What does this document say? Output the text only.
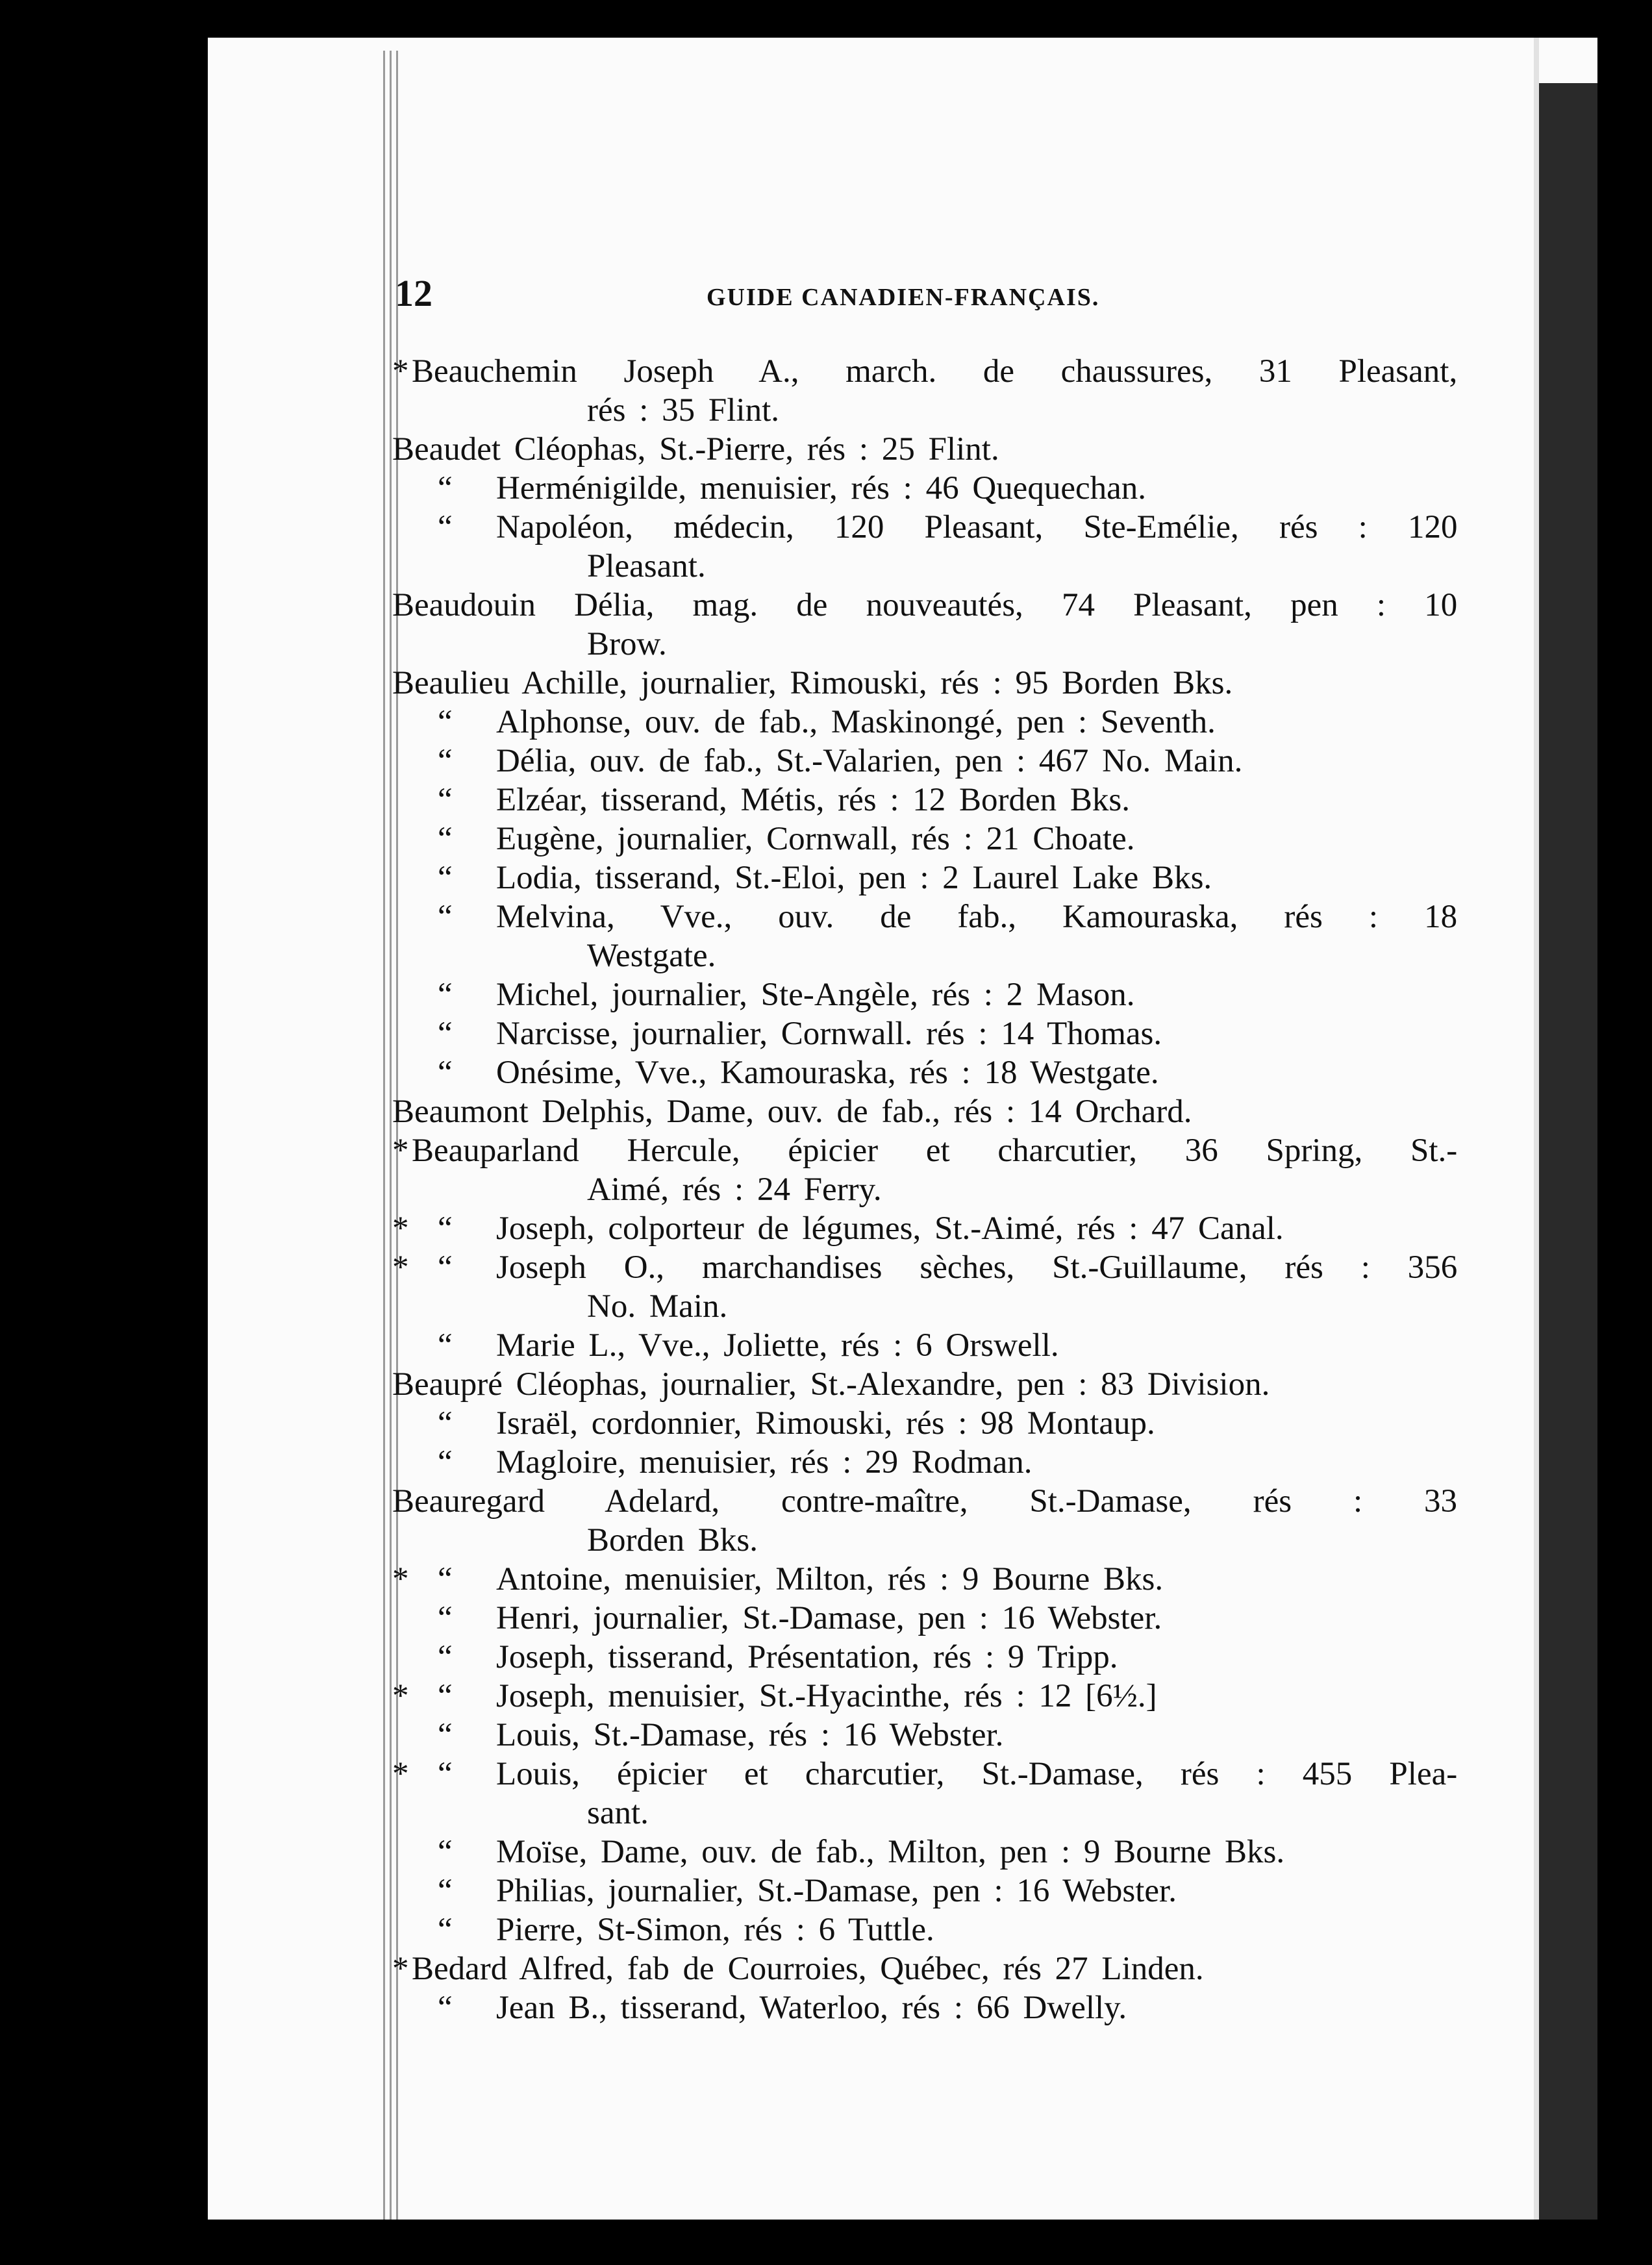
12	GUIDE CANADIEN-FRANÇAIS.
* Beauchemin Joseph A., march. de chaussures, 31 Pleasant,
rés : 35 Flint.
Beaudet Cléophas, St.-Pierre, rés : 25 Flint.
“ Herménigilde, menuisier, rés : 46 Quequechan.
“ Napoléon, médecin, 120 Pleasant, Ste-Emélie, rés : 120
Pleasant.
Beaudouin Délia, mag. de nouveautés, 74 Pleasant, pen : 10
Brow.
Beaulieu Achille, journalier, Rimouski, rés : 95 Borden Bks.
“ Alphonse, ouv. de fab., Maskinongé, pen : Seventh.
“ Délia, ouv. de fab., St.-Valarien, pen : 467 No. Main.
“ Elzéar, tisserand, Métis, rés : 12 Borden Bks.
“ Eugène, journalier, Cornwall, rés : 21 Choate.
“ Lodia, tisserand, St.-Eloi, pen : 2 Laurel Lake Bks.
“ Melvina, Vve., ouv. de fab., Kamouraska, rés : 18
Westgate.
“ Michel, journalier, Ste-Angèle, rés : 2 Mason.
“ Narcisse, journalier, Cornwall. rés : 14 Thomas.
“ Onésime, Vve., Kamouraska, rés : 18 Westgate.
Beaumont Delphis, Dame, ouv. de fab., rés : 14 Orchard.
* Beauparland Hercule, épicier et charcutier, 36 Spring, St.-
Aimé, rés : 24 Ferry.
* “ Joseph, colporteur de légumes, St.-Aimé, rés : 47 Canal.
* “ Joseph O., marchandises sèches, St.-Guillaume, rés : 356
No. Main.
“ Marie L., Vve., Joliette, rés : 6 Orswell.
Beaupré Cléophas, journalier, St.-Alexandre, pen : 83 Division.
“ Israël, cordonnier, Rimouski, rés : 98 Montaup.
“ Magloire, menuisier, rés : 29 Rodman.
Beauregard Adelard, contre-maître, St.-Damase, rés : 33
Borden Bks.
* “ Antoine, menuisier, Milton, rés : 9 Bourne Bks.
“ Henri, journalier, St.-Damase, pen : 16 Webster.
“ Joseph, tisserand, Présentation, rés : 9 Tripp.
* “ Joseph, menuisier, St.-Hyacinthe, rés : 12 [6½.]
“ Louis, St.-Damase, rés : 16 Webster.
* “ Louis, épicier et charcutier, St.-Damase, rés : 455 Plea-
sant.
“ Moïse, Dame, ouv. de fab., Milton, pen : 9 Bourne Bks.
“ Philias, journalier, St.-Damase, pen : 16 Webster.
“ Pierre, St-Simon, rés : 6 Tuttle.
* Bedard Alfred, fab de Courroies, Québec, rés 27 Linden.
“ Jean B., tisserand, Waterloo, rés : 66 Dwelly.
